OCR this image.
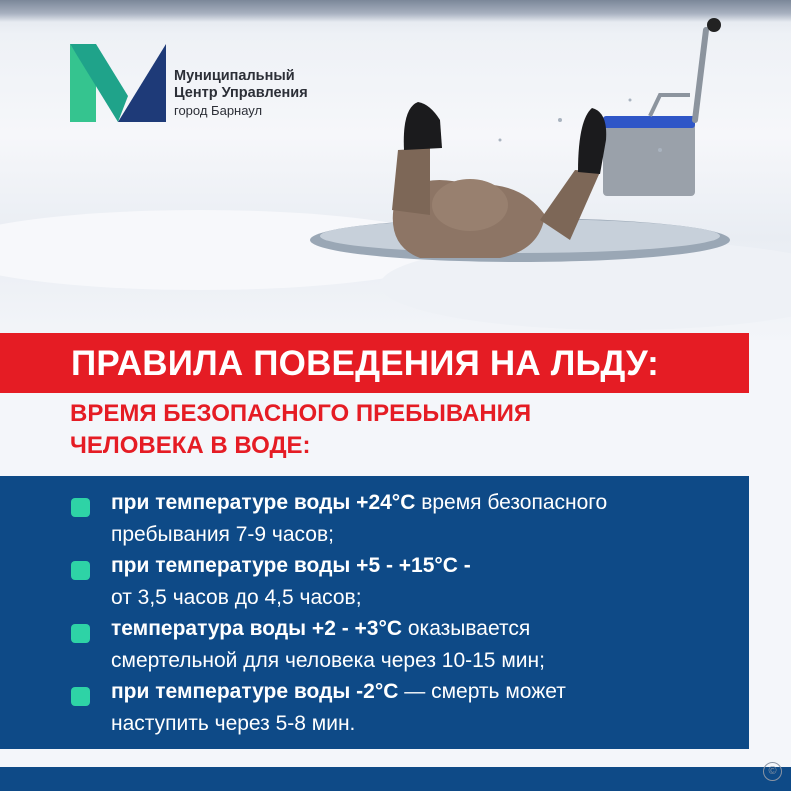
Муниципальный
Центр Управления
город Барнаул
ПРАВИЛА ПОВЕДЕНИЯ НА ЛЬДУ:
ВРЕМЯ БЕЗОПАСНОГО ПРЕБЫВАНИЯ
ЧЕЛОВЕКА В ВОДЕ:
при температуре воды +24°С время безопасного
пребывания 7-9 часов;
при температуре воды +5 - +15°С -
от 3,5 часов до 4,5 часов;
температура воды +2 - +3°С оказывается
смертельной для человека через 10-15 мин;
при температуре воды -2°С — смерть может
наступить через 5-8 мин.
©
